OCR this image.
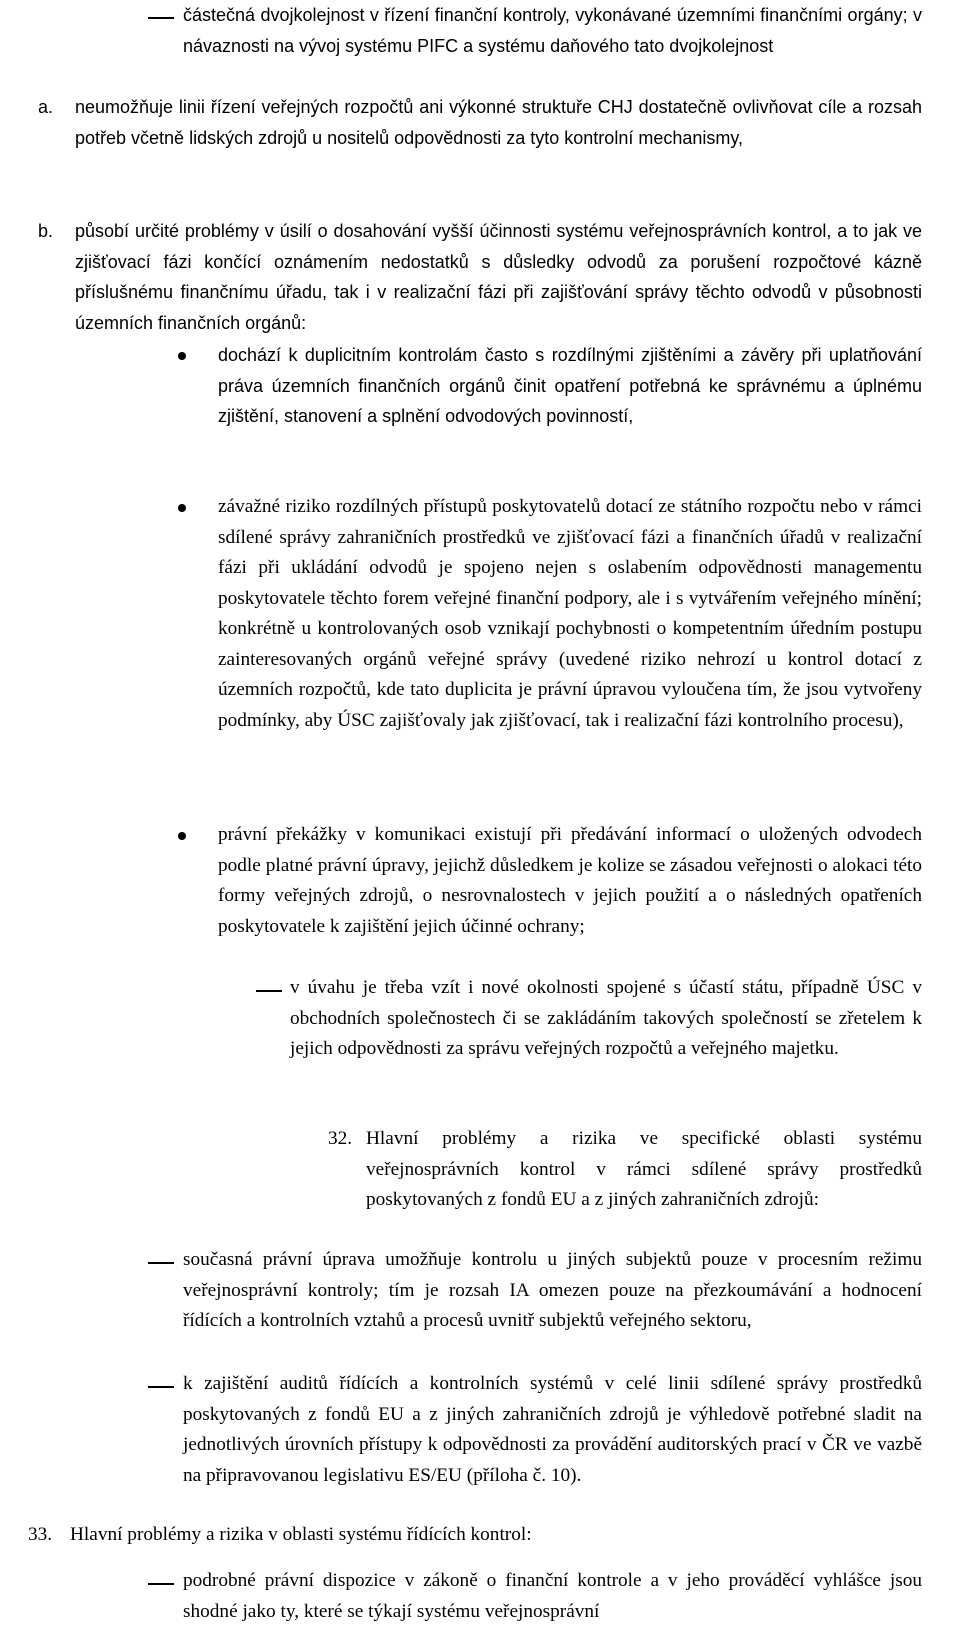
částečná dvojkolejnost v řízení finanční kontroly, vykonávané územními finančními orgány; v návaznosti na vývoj systému PIFC a systému daňového tato dvojkolejnost
a. neumožňuje linii řízení veřejných rozpočtů ani výkonné struktuře CHJ dostatečně ovlivňovat cíle a rozsah potřeb včetně lidských zdrojů u nositelů odpovědnosti za tyto kontrolní mechanismy,
b. působí určité problémy v úsilí o dosahování vyšší účinnosti systému veřejnosprávních kontrol, a to jak ve zjišťovací fázi končící oznámením nedostatků s důsledky odvodů za porušení rozpočtové kázně příslušnému finančnímu úřadu, tak i v realizační fázi při zajišťování správy těchto odvodů v působnosti územních finančních orgánů:
dochází k duplicitním kontrolám často s rozdílnými zjištěními a závěry při uplatňování práva územních finančních orgánů činit opatření potřebná ke správnému a úplnému zjištění, stanovení a splnění odvodových povinností,
závažné riziko rozdílných přístupů poskytovatelů dotací ze státního rozpočtu nebo v rámci sdílené správy zahraničních prostředků ve zjišťovací fázi a finančních úřadů v realizační fázi při ukládání odvodů je spojeno nejen s oslabením odpovědnosti managementu poskytovatele těchto forem veřejné finanční podpory, ale i s vytvářením veřejného mínění; konkrétně u kontrolovaných osob vznikají pochybnosti o kompetentním úředním postupu zainteresovaných orgánů veřejné správy (uvedené riziko nehrozí u kontrol dotací z územních rozpočtů, kde tato duplicita je právní úpravou vyloučena tím, že jsou vytvořeny podmínky, aby ÚSC zajišťovaly jak zjišťovací, tak i realizační fázi kontrolního procesu),
právní překážky v komunikaci existují při předávání informací o uložených odvodech podle platné právní úpravy, jejichž důsledkem je kolize se zásadou veřejnosti o alokaci této formy veřejných zdrojů, o nesrovnalostech v jejich použití a o následných opatřeních poskytovatele k zajištění jejich účinné ochrany;
v úvahu je třeba vzít i nové okolnosti spojené s účastí státu, případně ÚSC v obchodních společnostech či se zakládáním takových společností se zřetelem k jejich odpovědnosti za správu veřejných rozpočtů a veřejného majetku.
32. Hlavní problémy a rizika ve specifické oblasti systému veřejnosprávních kontrol v rámci sdílené správy prostředků poskytovaných z fondů EU a z jiných zahraničních zdrojů:
současná právní úprava umožňuje kontrolu u jiných subjektů pouze v procesním režimu veřejnosprávní kontroly; tím je rozsah IA omezen pouze na přezkoumávání a hodnocení řídících a kontrolních vztahů a procesů uvnitř subjektů veřejného sektoru,
k zajištění auditů řídících a kontrolních systémů v celé linii sdílené správy prostředků poskytovaných z fondů EU a z jiných zahraničních zdrojů je výhledově potřebné sladit na jednotlivých úrovních přístupy k odpovědnosti za provádění auditorských prací v ČR ve vazbě na připravovanou legislativu ES/EU (příloha č. 10).
33. Hlavní problémy a rizika v oblasti systému řídících kontrol:
podrobné právní dispozice v zákoně o finanční kontrole a v jeho prováděcí vyhlášce jsou shodné jako ty, které se týkají systému veřejnosprávní
